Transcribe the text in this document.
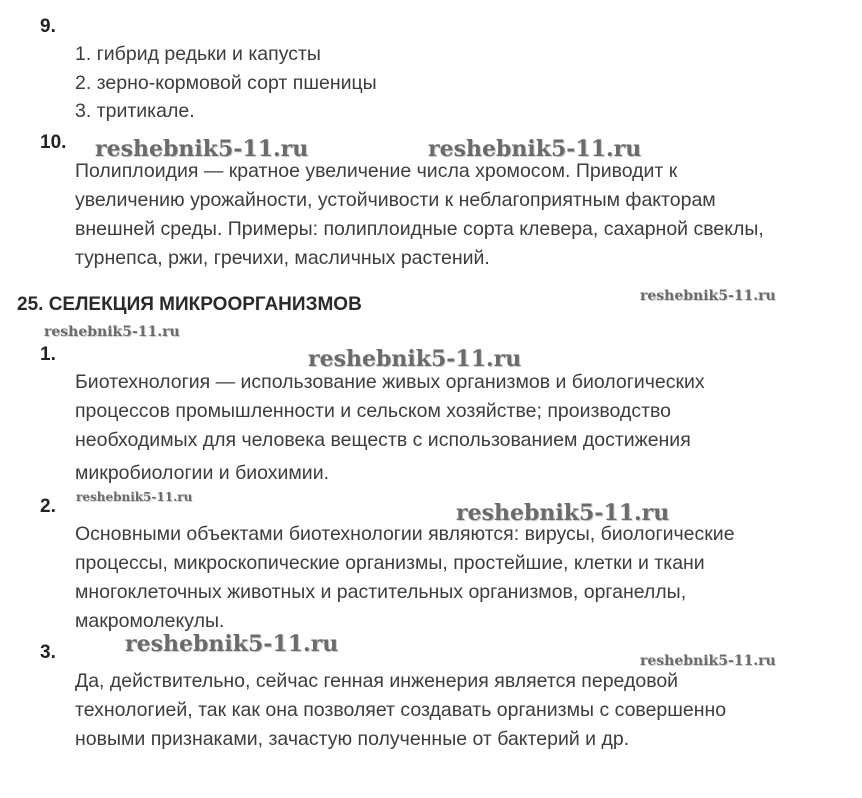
9.
1. гибрид редьки и капусты
2. зерно-кормовой сорт пшеницы
3. тритикале.
10. reshebnik5-11.ru	reshebnik5-11.ru
Полиплоидия — кратное увеличение числа хромосом. Приводит к
увеличению урожайности, устойчивости к неблагоприятным факторам
внешней среды. Примеры: полиплоидные сорта клевера, сахарной свеклы,
турнепса, ржи, гречихи, масличных растений.
25. СЕЛЕКЦИЯ МИКРООРГАНИЗМОВ	reshebnik5-11.ru
reshebnik5-11.ru
1.	reshebnik5-11.ru
Биотехнология — использование живых организмов и биологических
процессов промышленности и сельском хозяйстве; производство
необходимых для человека веществ с использованием достижения
микробиологии и биохимии.
2. reshebnik5-11.ru
reshebnik5-11.ru
Основными объектами биотехнологии являются: вирусы, биологические
процессы, микроскопические организмы, простейшие, клетки и ткани
многоклеточных животных и растительных организмов, органеллы,
макромолекулы.
3.	reshebnik5-11.ru
reshebnik5-11.ru
Да, действительно, сейчас генная инженерия является передовой
технологией, так как она позволяет создавать организмы с совершенно
новыми признаками, зачастую полученные от бактерий и др.
